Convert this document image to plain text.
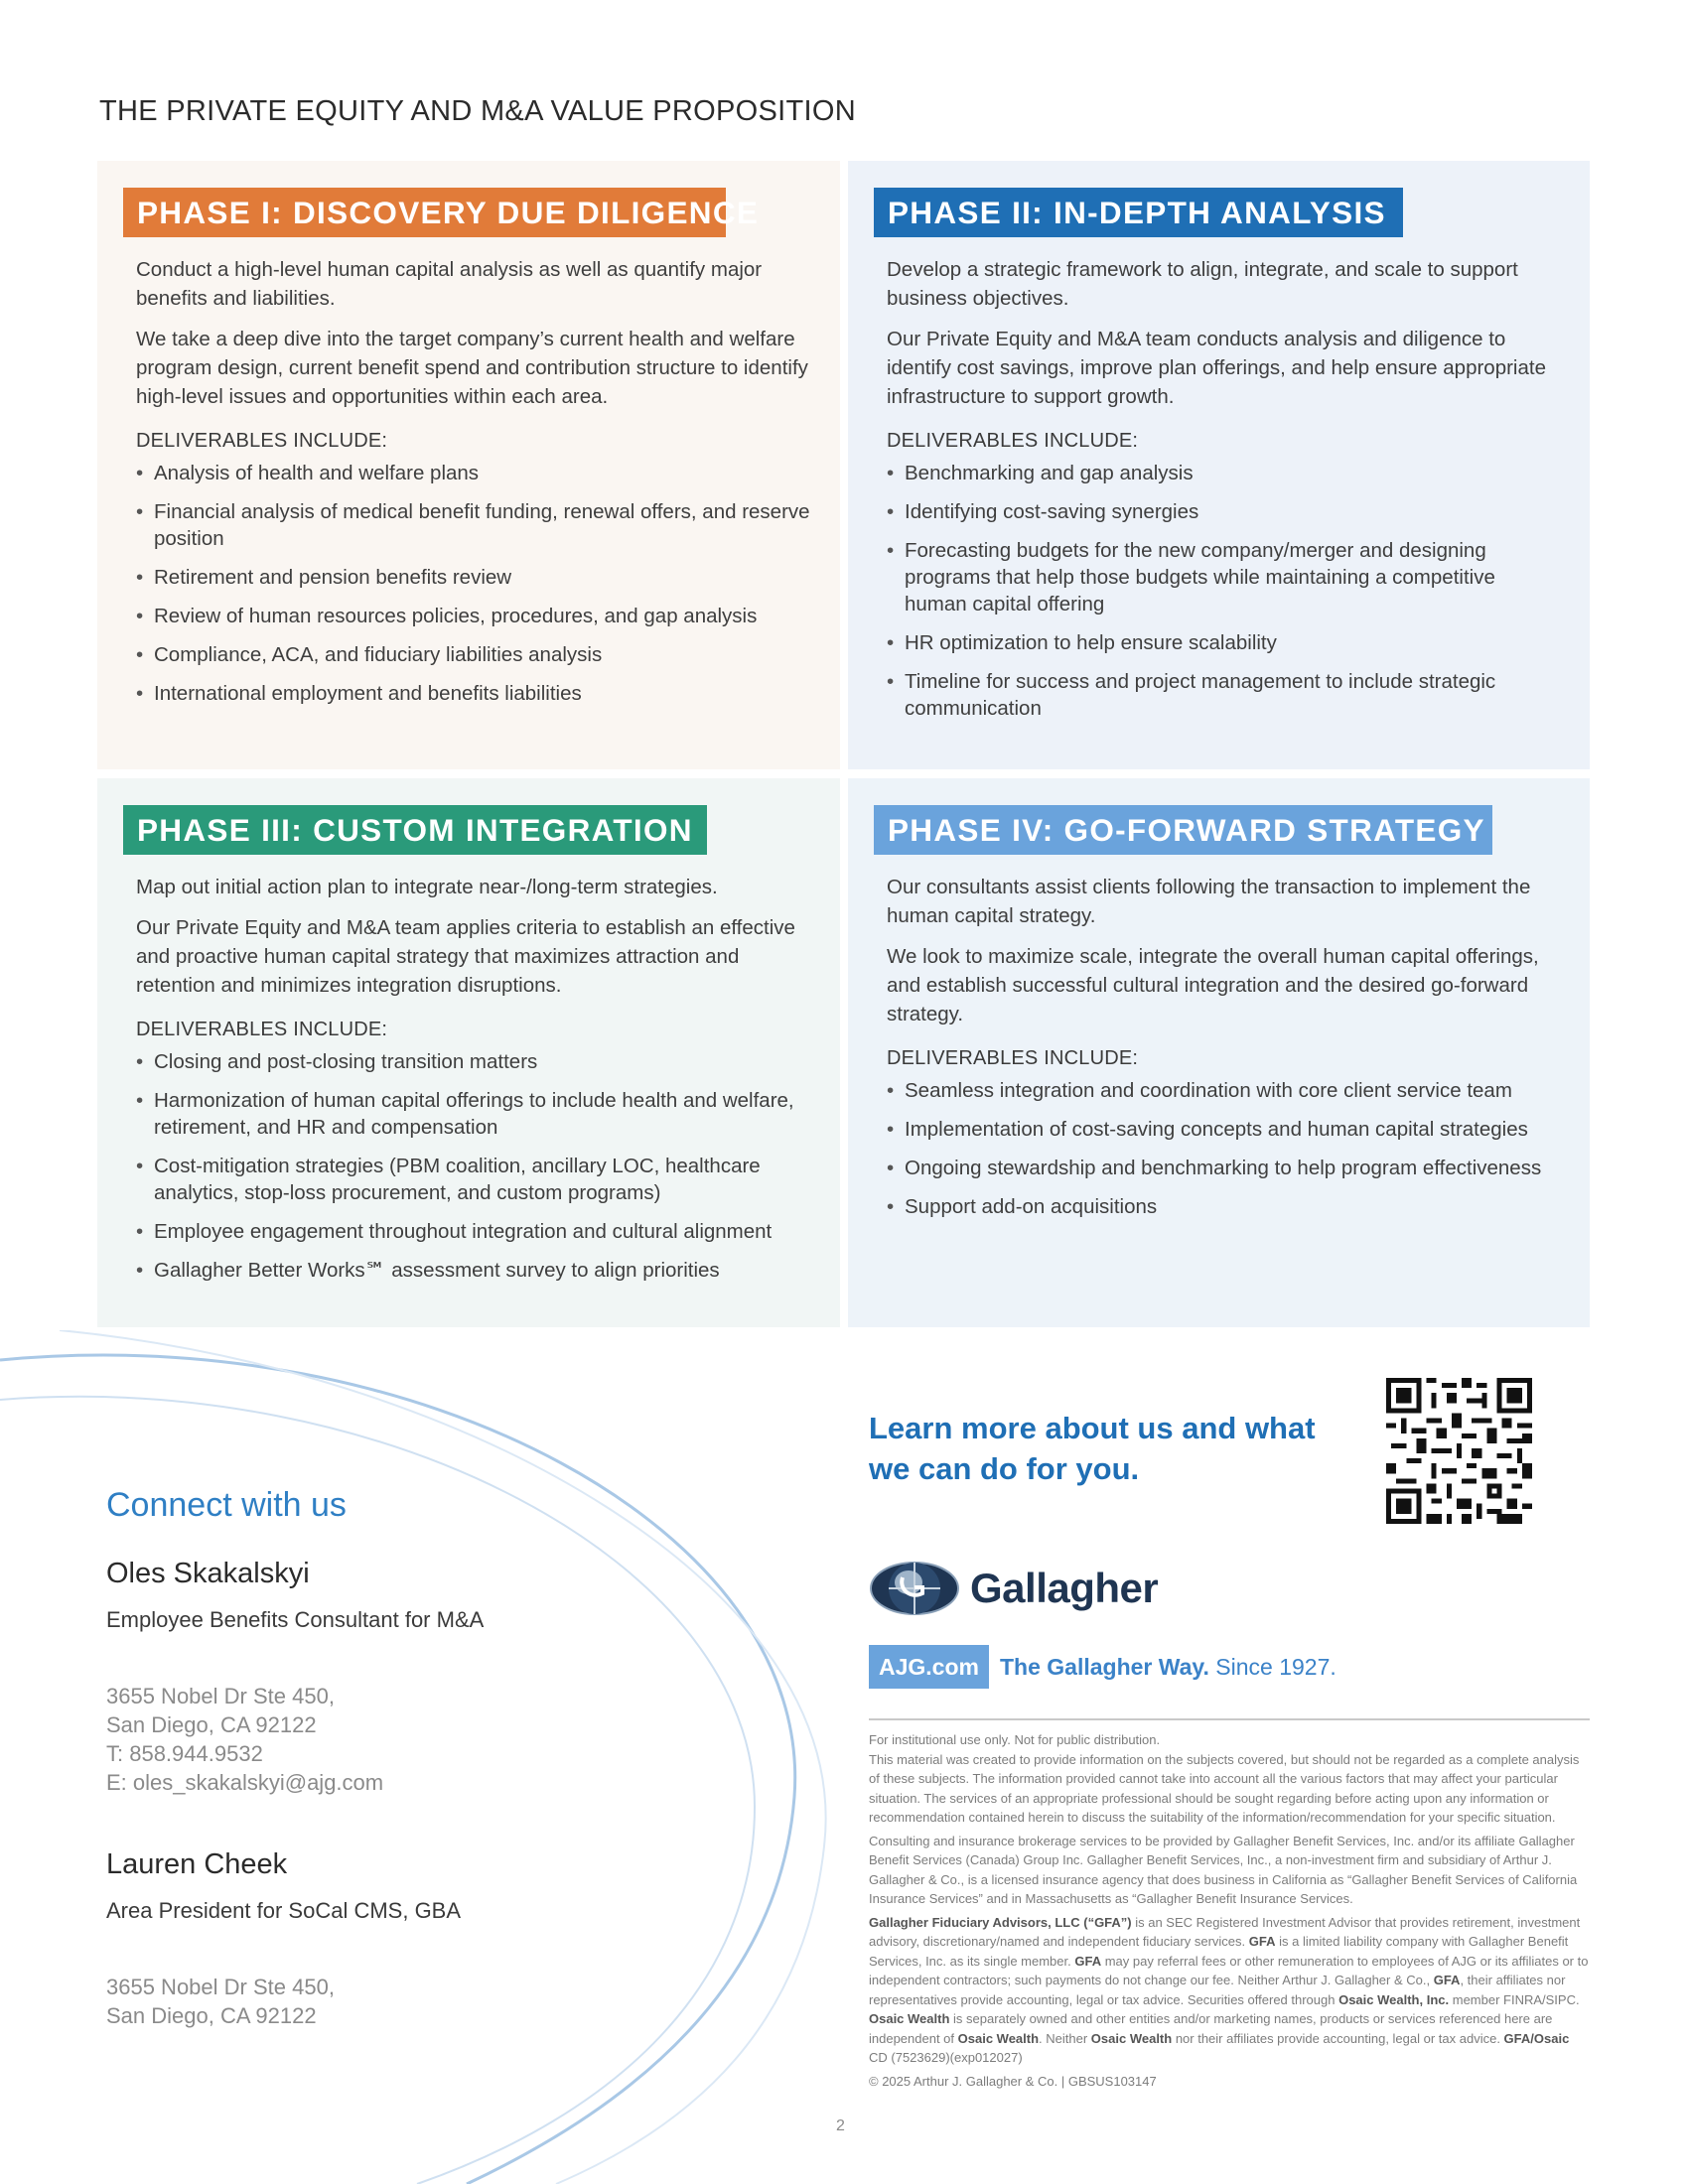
THE PRIVATE EQUITY AND M&A VALUE PROPOSITION
PHASE I: DISCOVERY DUE DILIGENCE

Conduct a high-level human capital analysis as well as quantify major benefits and liabilities.

We take a deep dive into the target company’s current health and welfare program design, current benefit spend and contribution structure to identify high-level issues and opportunities within each area.

DELIVERABLES INCLUDE:
• Analysis of health and welfare plans
• Financial analysis of medical benefit funding, renewal offers, and reserve position
• Retirement and pension benefits review
• Review of human resources policies, procedures, and gap analysis
• Compliance, ACA, and fiduciary liabilities analysis
• International employment and benefits liabilities
PHASE II: IN-DEPTH ANALYSIS

Develop a strategic framework to align, integrate, and scale to support business objectives.

Our Private Equity and M&A team conducts analysis and diligence to identify cost savings, improve plan offerings, and help ensure appropriate infrastructure to support growth.

DELIVERABLES INCLUDE:
• Benchmarking and gap analysis
• Identifying cost-saving synergies
• Forecasting budgets for the new company/merger and designing programs that help those budgets while maintaining a competitive human capital offering
• HR optimization to help ensure scalability
• Timeline for success and project management to include strategic communication
PHASE III: CUSTOM INTEGRATION

Map out initial action plan to integrate near-/long-term strategies.

Our Private Equity and M&A team applies criteria to establish an effective and proactive human capital strategy that maximizes attraction and retention and minimizes integration disruptions.

DELIVERABLES INCLUDE:
• Closing and post-closing transition matters
• Harmonization of human capital offerings to include health and welfare, retirement, and HR and compensation
• Cost-mitigation strategies (PBM coalition, ancillary LOC, healthcare analytics, stop-loss procurement, and custom programs)
• Employee engagement throughout integration and cultural alignment
• Gallagher Better Works℠ assessment survey to align priorities
PHASE IV: GO-FORWARD STRATEGY

Our consultants assist clients following the transaction to implement the human capital strategy.

We look to maximize scale, integrate the overall human capital offerings, and establish successful cultural integration and the desired go-forward strategy.

DELIVERABLES INCLUDE:
• Seamless integration and coordination with core client service team
• Implementation of cost-saving concepts and human capital strategies
• Ongoing stewardship and benchmarking to help program effectiveness
• Support add-on acquisitions
Connect with us
Oles Skakalskyi
Employee Benefits Consultant for M&A
3655 Nobel Dr Ste 450,
San Diego, CA 92122
T: 858.944.9532
E: oles_skakalskyi@ajg.com
Lauren Cheek
Area President for SoCal CMS, GBA
3655 Nobel Dr Ste 450,
San Diego, CA 92122
Learn more about us and what we can do for you.
Gallagher
AJG.com The Gallagher Way. Since 1927.

For institutional use only. Not for public distribution.

This material was created to provide information on the subjects covered, but should not be regarded as a complete analysis of these subjects. The information provided cannot take into account all the various factors that may affect your particular situation. The services of an appropriate professional should be sought regarding before acting upon any information or recommendation contained herein to discuss the suitability of the information/recommendation for your specific situation.

Consulting and insurance brokerage services to be provided by Gallagher Benefit Services, Inc. and/or its affiliate Gallagher Benefit Services (Canada) Group Inc. Gallagher Benefit Services, Inc., a non-investment firm and subsidiary of Arthur J. Gallagher & Co., is a licensed insurance agency that does business in California as “Gallagher Benefit Services of California Insurance Services” and in Massachusetts as “Gallagher Benefit Insurance Services.

Gallagher Fiduciary Advisors, LLC (“GFA”) is an SEC Registered Investment Advisor that provides retirement, investment advisory, discretionary/named and independent fiduciary services. GFA is a limited liability company with Gallagher Benefit Services, Inc. as its single member. GFA may pay referral fees or other remuneration to employees of AJG or its affiliates or to independent contractors; such payments do not change our fee. Neither Arthur J. Gallagher & Co., GFA, their affiliates nor representatives provide accounting, legal or tax advice. Securities offered through Osaic Wealth, Inc. member FINRA/SIPC. Osaic Wealth is separately owned and other entities and/or marketing names, products or services referenced here are independent of Osaic Wealth. Neither Osaic Wealth nor their affiliates provide accounting, legal or tax advice. GFA/Osaic CD (7523629)(exp012027)

© 2025 Arthur J. Gallagher & Co. | GBSUS103147

2
